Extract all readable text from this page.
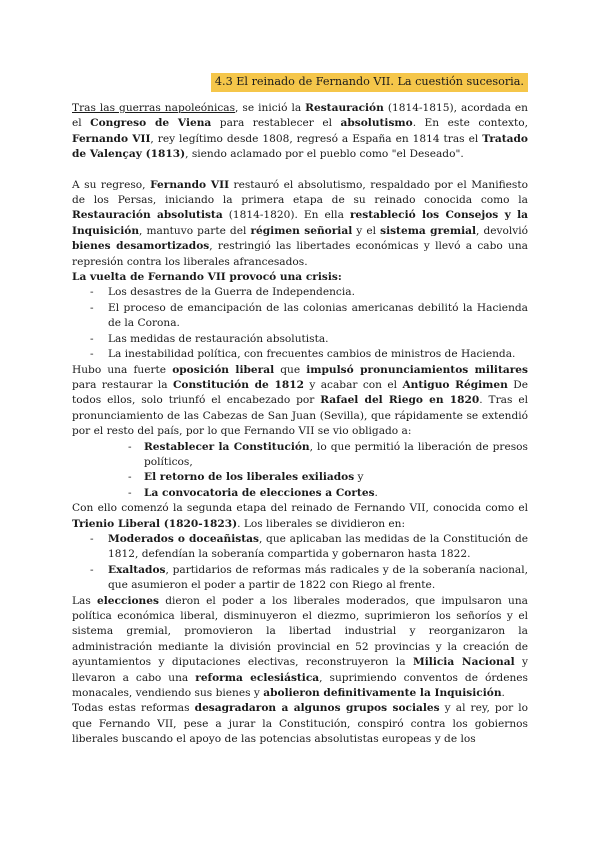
4.3 El reinado de Fernando VII. La cuestión sucesoria.

Tras las guerras napoleónicas, se inició la Restauración (1814-1815), acordada en el Congreso de Viena para restablecer el absolutismo. En este contexto, Fernando VII, rey legítimo desde 1808, regresó a España en 1814 tras el Tratado de Valençay (1813), siendo aclamado por el pueblo como "el Deseado".

A su regreso, Fernando VII restauró el absolutismo, respaldado por el Manifiesto de los Persas, iniciando la primera etapa de su reinado conocida como la Restauración absolutista (1814-1820). En ella restableció los Consejos y la Inquisición, mantuvo parte del régimen señorial y el sistema gremial, devolvió bienes desamortizados, restringió las libertades económicas y llevó a cabo una represión contra los liberales afrancesados.

La vuelta de Fernando VII provocó una crisis:

- Los desastres de la Guerra de Independencia.
- El proceso de emancipación de las colonias americanas debilitó la Hacienda de la Corona.
- Las medidas de restauración absolutista.
- La inestabilidad política, con frecuentes cambios de ministros de Hacienda.

Hubo una fuerte oposición liberal que impulsó pronunciamientos militares para restaurar la Constitución de 1812 y acabar con el Antiguo Régimen De todos ellos, solo triunfó el encabezado por Rafael del Riego en 1820. Tras el pronunciamiento de las Cabezas de San Juan (Sevilla), que rápidamente se extendió por el resto del país, por lo que Fernando VII se vio obligado a:

- Restablecer la Constitución, lo que permitió la liberación de presos políticos,
- El retorno de los liberales exiliados y
- La convocatoria de elecciones a Cortes.

Con ello comenzó la segunda etapa del reinado de Fernando VII, conocida como el Trienio Liberal (1820-1823). Los liberales se dividieron en:

- Moderados o doceañistas, que aplicaban las medidas de la Constitución de 1812, defendían la soberanía compartida y gobernaron hasta 1822.
- Exaltados, partidarios de reformas más radicales y de la soberanía nacional, que asumieron el poder a partir de 1822 con Riego al frente.

Las elecciones dieron el poder a los liberales moderados, que impulsaron una política económica liberal, disminuyeron el diezmo, suprimieron los señoríos y el sistema gremial, promovieron la libertad industrial y reorganizaron la administración mediante la división provincial en 52 provincias y la creación de ayuntamientos y diputaciones electivas, reconstruyeron la Milicia Nacional y llevaron a cabo una reforma eclesiástica, suprimiendo conventos de órdenes monacales, vendiendo sus bienes y abolieron definitivamente la Inquisición.

Todas estas reformas desagradaron a algunos grupos sociales y al rey, por lo que Fernando VII, pese a jurar la Constitución, conspiró contra los gobiernos liberales buscando el apoyo de las potencias absolutistas europeas y de los
